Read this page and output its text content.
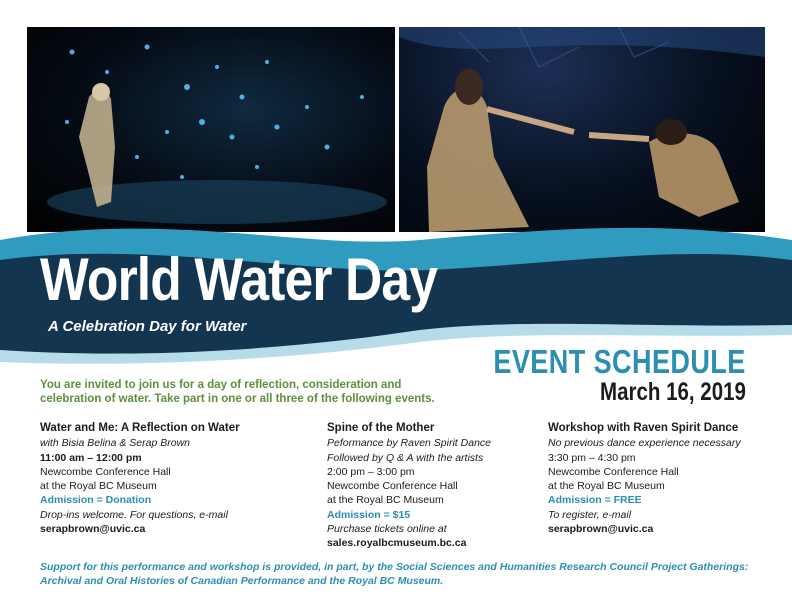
World Water Day
A Celebration Day for Water
EVENT SCHEDULE
March 16, 2019
You are invited to join us for a day of reflection, consideration and
celebration of water. Take part in one or all three of the following events.
Water and Me: A Reflection on Water
with Bisia Belina & Serap Brown
11:00 am – 12:00 pm
Newcombe Conference Hall
at the Royal BC Museum
Admission = Donation
Drop-ins welcome. For questions, e-mail
serapbrown@uvic.ca
Spine of the Mother
Peformance by Raven Spirit Dance
Followed by Q & A with the artists
2:00 pm – 3:00 pm
Newcombe Conference Hall
at the Royal BC Museum
Admission = $15
Purchase tickets online at
sales.royalbcmuseum.bc.ca
Workshop with Raven Spirit Dance
No previous dance experience necessary
3:30 pm – 4:30 pm
Newcombe Conference Hall
at the Royal BC Museum
Admission = FREE
To register, e-mail
serapbrown@uvic.ca
Support for this performance and workshop is provided, in part, by the Social Sciences and Humanities Research Council Project Gatherings:
Archival and Oral Histories of Canadian Performance and the Royal BC Museum.
